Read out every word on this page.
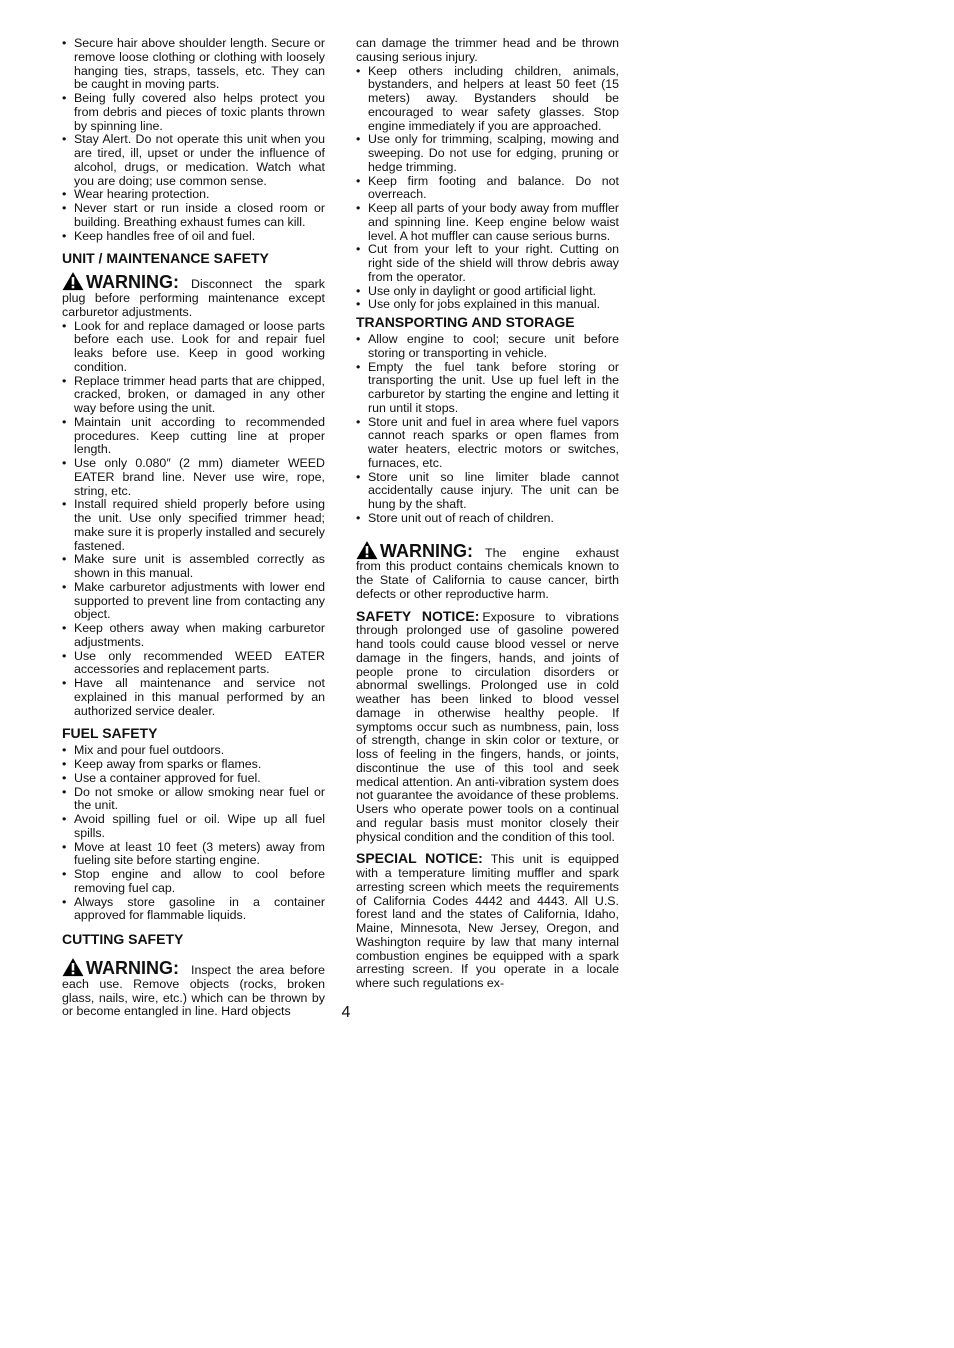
• Secure hair above shoulder length. Secure or remove loose clothing or clothing with loosely hanging ties, straps, tassels, etc. They can be caught in moving parts.
• Being fully covered also helps protect you from debris and pieces of toxic plants thrown by spinning line.
• Stay Alert. Do not operate this unit when you are tired, ill, upset or under the influence of alcohol, drugs, or medication. Watch what you are doing; use common sense.
• Wear hearing protection.
• Never start or run inside a closed room or building. Breathing exhaust fumes can kill.
• Keep handles free of oil and fuel.
UNIT / MAINTENANCE SAFETY

WARNING: Disconnect the spark plug before performing maintenance except carburetor adjustments.

• Look for and replace damaged or loose parts before each use. Look for and repair fuel leaks before use. Keep in good working condition.
• Replace trimmer head parts that are chipped, cracked, broken, or damaged in any other way before using the unit.
• Maintain unit according to recommended procedures. Keep cutting line at proper length.
• Use only 0.080″ (2 mm) diameter WEED EATER brand line. Never use wire, rope, string, etc.
• Install required shield properly before using the unit. Use only specified trimmer head; make sure it is properly installed and securely fastened.
• Make sure unit is assembled correctly as shown in this manual.
• Make carburetor adjustments with lower end supported to prevent line from contacting any object.
• Keep others away when making carburetor adjustments.
• Use only recommended WEED EATER accessories and replacement parts.
• Have all maintenance and service not explained in this manual performed by an authorized service dealer.
FUEL SAFETY
• Mix and pour fuel outdoors.
• Keep away from sparks or flames.
• Use a container approved for fuel.
• Do not smoke or allow smoking near fuel or the unit.
• Avoid spilling fuel or oil. Wipe up all fuel spills.
• Move at least 10 feet (3 meters) away from fueling site before starting engine.
• Stop engine and allow to cool before removing fuel cap.
• Always store gasoline in a container approved for flammable liquids.
CUTTING SAFETY

WARNING: Inspect the area before each use. Remove objects (rocks, broken glass, nails, wire, etc.) which can be thrown by or become entangled in line. Hard objects

can damage the trimmer head and be thrown causing serious injury.

• Keep others including children, animals, bystanders, and helpers at least 50 feet (15 meters) away. Bystanders should be encouraged to wear safety glasses. Stop engine immediately if you are approached.
• Use only for trimming, scalping, mowing and sweeping. Do not use for edging, pruning or hedge trimming.
• Keep firm footing and balance. Do not overreach.
• Keep all parts of your body away from muffler and spinning line. Keep engine below waist level. A hot muffler can cause serious burns.
• Cut from your left to your right. Cutting on right side of the shield will throw debris away from the operator.
• Use only in daylight or good artificial light.
• Use only for jobs explained in this manual.
TRANSPORTING AND STORAGE
• Allow engine to cool; secure unit before storing or transporting in vehicle.
• Empty the fuel tank before storing or transporting the unit. Use up fuel left in the carburetor by starting the engine and letting it run until it stops.
• Store unit and fuel in area where fuel vapors cannot reach sparks or open flames from water heaters, electric motors or switches, furnaces, etc.
• Store unit so line limiter blade cannot accidentally cause injury. The unit can be hung by the shaft.
• Store unit out of reach of children.

WARNING: The engine exhaust from this product contains chemicals known to the State of California to cause cancer, birth defects or other reproductive harm.

SAFETY NOTICE: Exposure to vibrations through prolonged use of gasoline powered hand tools could cause blood vessel or nerve damage in the fingers, hands, and joints of people prone to circulation disorders or abnormal swellings. Prolonged use in cold weather has been linked to blood vessel damage in otherwise healthy people. If symptoms occur such as numbness, pain, loss of strength, change in skin color or texture, or loss of feeling in the fingers, hands, or joints, discontinue the use of this tool and seek medical attention. An anti-vibration system does not guarantee the avoidance of these problems. Users who operate power tools on a continual and regular basis must monitor closely their physical condition and the condition of this tool.

SPECIAL NOTICE: This unit is equipped with a temperature limiting muffler and spark arresting screen which meets the requirements of California Codes 4442 and 4443. All U.S. forest land and the states of California, Idaho, Maine, Minnesota, New Jersey, Oregon, and Washington require by law that many internal combustion engines be equipped with a spark arresting screen. If you operate in a locale where such regulations ex-

4
